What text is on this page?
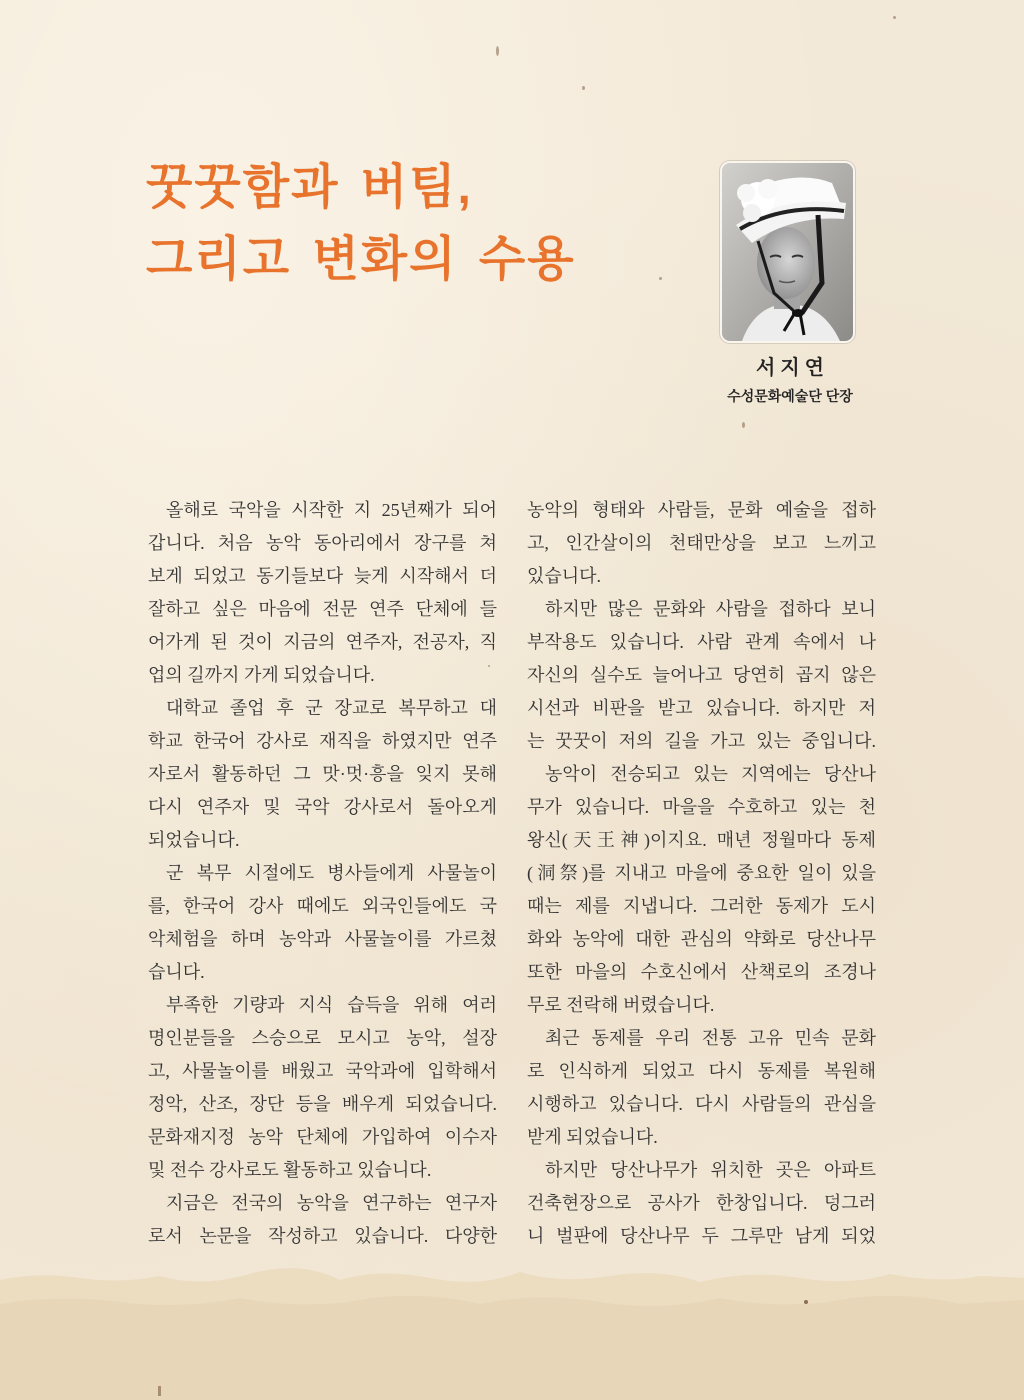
꿋꿋함과 버팀,
그리고 변화의 수용
서 지 연
수성문화예술단 단장
올해로 국악을 시작한 지 25년째가 되어
갑니다. 처음 농악 동아리에서 장구를 쳐
보게 되었고 동기들보다 늦게 시작해서 더
잘하고 싶은 마음에 전문 연주 단체에 들
어가게 된 것이 지금의 연주자, 전공자, 직
업의 길까지 가게 되었습니다.
대학교 졸업 후 군 장교로 복무하고 대
학교 한국어 강사로 재직을 하였지만 연주
자로서 활동하던 그 맛·멋·흥을 잊지 못해
다시 연주자 및 국악 강사로서 돌아오게
되었습니다.
군 복무 시절에도 병사들에게 사물놀이
를, 한국어 강사 때에도 외국인들에도 국
악체험을 하며 농악과 사물놀이를 가르쳤
습니다.
부족한 기량과 지식 습득을 위해 여러
명인분들을 스승으로 모시고 농악, 설장
고, 사물놀이를 배웠고 국악과에 입학해서
정악, 산조, 장단 등을 배우게 되었습니다.
문화재지정 농악 단체에 가입하여 이수자
및 전수 강사로도 활동하고 있습니다.
지금은 전국의 농악을 연구하는 연구자
로서 논문을 작성하고 있습니다. 다양한
농악의 형태와 사람들, 문화 예술을 접하
고, 인간살이의 천태만상을 보고 느끼고
있습니다.
하지만 많은 문화와 사람을 접하다 보니
부작용도 있습니다. 사람 관계 속에서 나
자신의 실수도 늘어나고 당연히 곱지 않은
시선과 비판을 받고 있습니다. 하지만 저
는 꿋꿋이 저의 길을 가고 있는 중입니다.
농악이 전승되고 있는 지역에는 당산나
무가 있습니다. 마을을 수호하고 있는 천
왕신(天王神)이지요. 매년 정월마다 동제
(洞祭)를 지내고 마을에 중요한 일이 있을
때는 제를 지냅니다. 그러한 동제가 도시
화와 농악에 대한 관심의 약화로 당산나무
또한 마을의 수호신에서 산책로의 조경나
무로 전락해 버렸습니다.
최근 동제를 우리 전통 고유 민속 문화
로 인식하게 되었고 다시 동제를 복원해
시행하고 있습니다. 다시 사람들의 관심을
받게 되었습니다.
하지만 당산나무가 위치한 곳은 아파트
건축현장으로 공사가 한창입니다. 덩그러
니 벌판에 당산나무 두 그루만 남게 되었
